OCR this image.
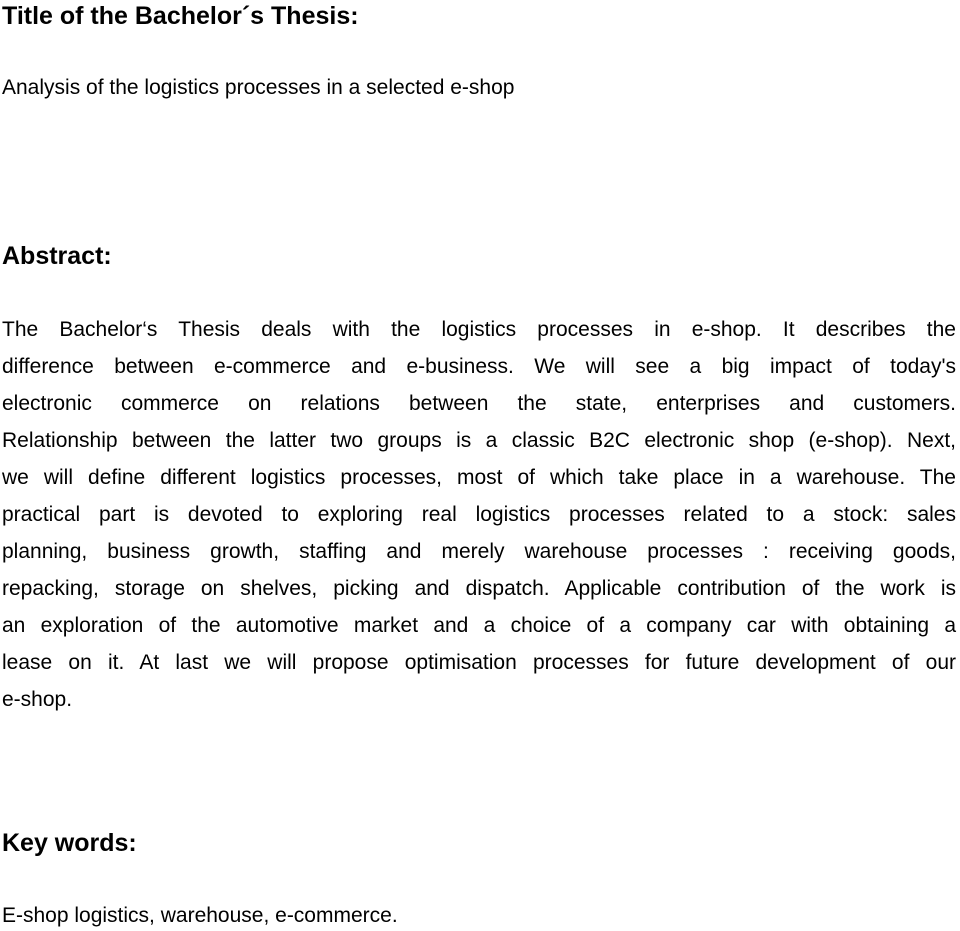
Title of the Bachelor´s Thesis:
Analysis of the logistics processes in a selected e-shop
Abstract:
The Bachelor‘s Thesis deals with the logistics processes in e-shop. It describes the
difference between e-commerce and e-business. We will see a big impact of today's
electronic commerce on relations between the state, enterprises and customers.
Relationship between the latter two groups is a classic B2C electronic shop (e-shop). Next,
we will define different logistics processes, most of which take place in a warehouse. The
practical part is devoted to exploring real logistics processes related to a stock: sales
planning, business growth, staffing and merely warehouse processes : receiving goods,
repacking, storage on shelves, picking and dispatch. Applicable contribution of the work is
an exploration of the automotive market and a choice of a company car with obtaining a
lease on it. At last we will propose optimisation processes for future development of our
e-shop.
Key words:
E-shop logistics, warehouse, e-commerce.
